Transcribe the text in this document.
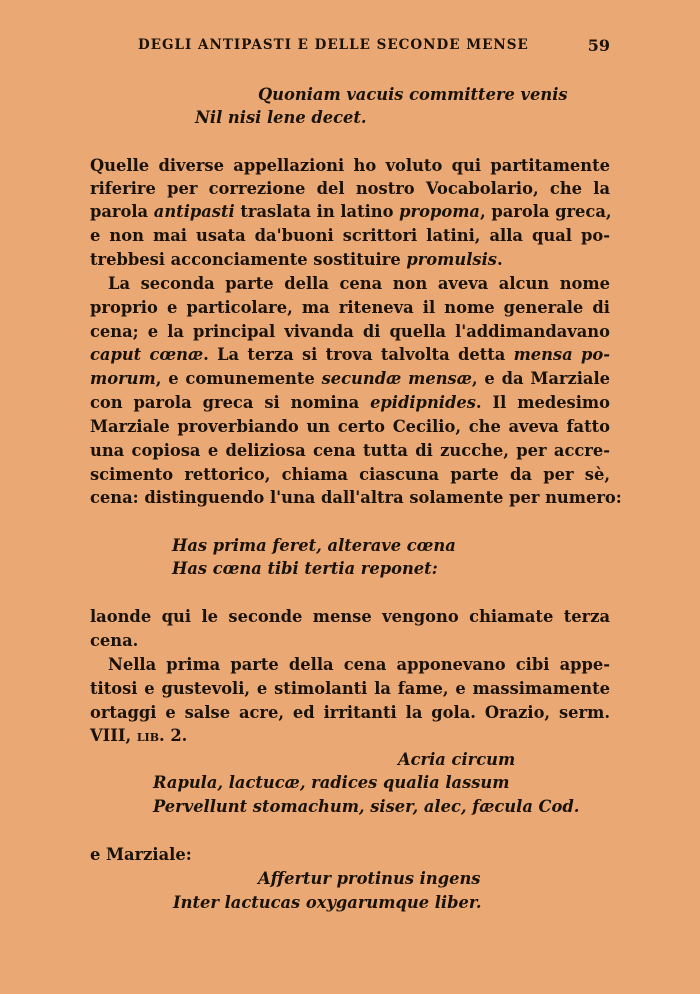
DEGLI ANTIPASTI E DELLE SECONDE MENSE	59
Quoniam vacuis committere venis
Nil nisi lene decet.
Quelle diverse appellazioni ho voluto qui partitamente
riferire per correzione del nostro Vocabolario, che la
parola antipasti traslata in latino propoma, parola greca,
e non mai usata da'buoni scrittori latini, alla qual po-
trebbesi acconciamente sostituire promulsis.
La seconda parte della cena non aveva alcun nome
proprio e particolare, ma riteneva il nome generale di
cena; e la principal vivanda di quella l'addimandavano
caput cœnæ. La terza si trova talvolta detta mensa po-
morum, e comunemente secundæ mensæ, e da Marziale
con parola greca si nomina epidipnides. Il medesimo
Marziale proverbiando un certo Cecilio, che aveva fatto
una copiosa e deliziosa cena tutta di zucche, per accre-
scimento rettorico, chiama ciascuna parte da per sè,
cena: distinguendo l'una dall'altra solamente per numero:
Has prima feret, alterave cœna
Has cœna tibi tertia reponet:
laonde qui le seconde mense vengono chiamate terza
cena.
Nella prima parte della cena apponevano cibi appe-
titosi e gustevoli, e stimolanti la fame, e massimamente
ortaggi e salse acre, ed irritanti la gola. Orazio, serm.
VIII, lib. 2.
Acria circum
Rapula, lactucæ, radices qualia lassum
Pervellunt stomachum, siser, alec, fæcula Cod.
e Marziale:
Affertur protinus ingens
Inter lactucas oxygarumque liber.
